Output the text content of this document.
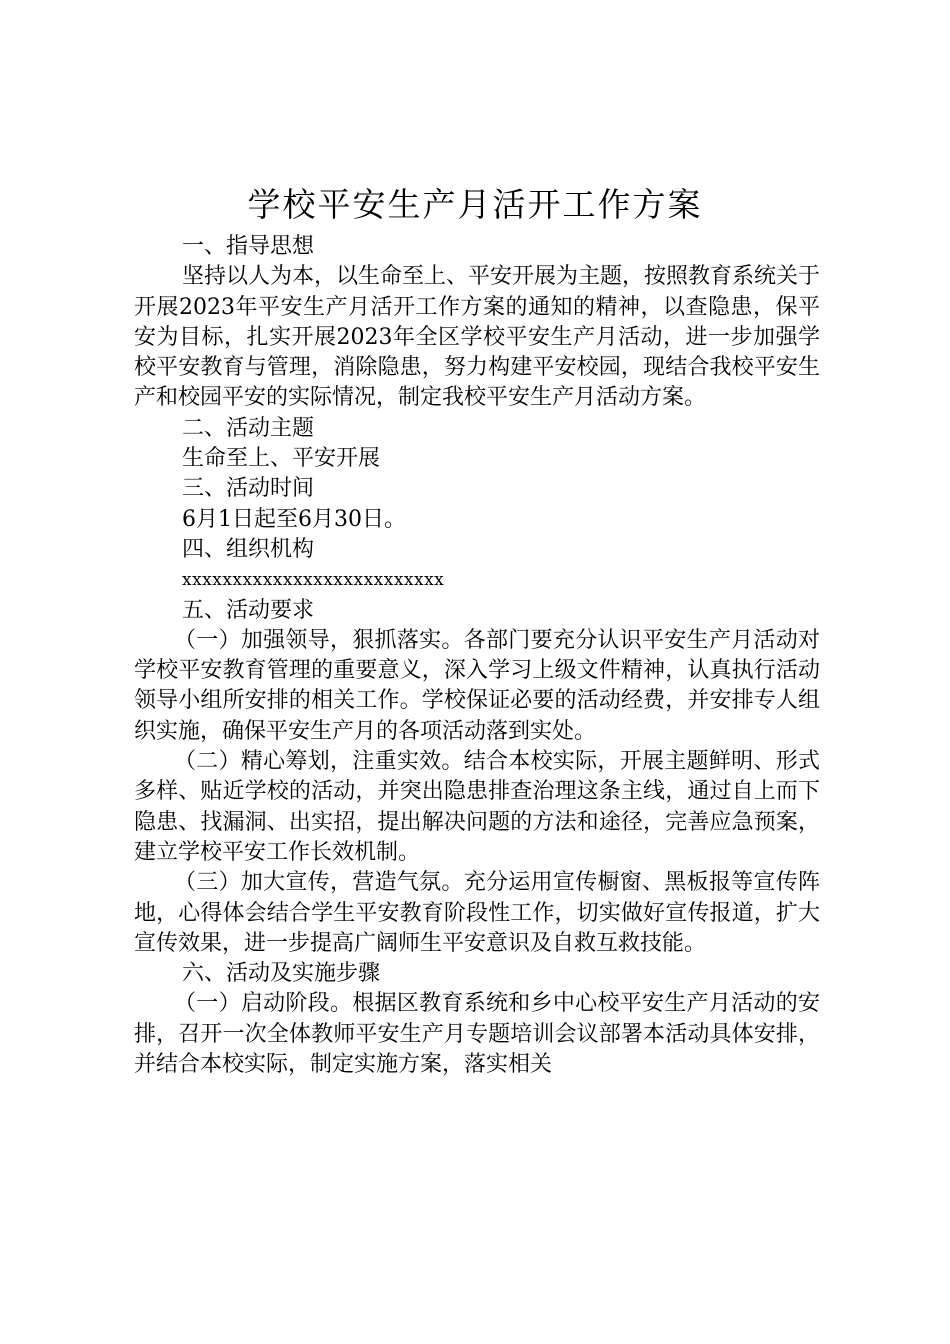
学校平安生产月活开工作方案

一、指导思想

坚持以人为本，以生命至上、平安开展为主题，按照教育系统关于开展2023年平安生产月活开工作方案的通知的精神，以查隐患，保平安为目标，扎实开展2023年全区学校平安生产月活动，进一步加强学校平安教育与管理，消除隐患，努力构建平安校园，现结合我校平安生产和校园平安的实际情况，制定我校平安生产月活动方案。

二、活动主题

生命至上、平安开展

三、活动时间

6月1日起至6月30日。

四、组织机构

xxxxxxxxxxxxxxxxxxxxxxxxxx

五、活动要求

（一）加强领导，狠抓落实。各部门要充分认识平安生产月活动对学校平安教育管理的重要意义，深入学习上级文件精神，认真执行活动领导小组所安排的相关工作。学校保证必要的活动经费，并安排专人组织实施，确保平安生产月的各项活动落到实处。

（二）精心筹划，注重实效。结合本校实际，开展主题鲜明、形式多样、贴近学校的活动，并突出隐患排查治理这条主线，通过自上而下隐患、找漏洞、出实招，提出解决问题的方法和途径，完善应急预案，建立学校平安工作长效机制。

（三）加大宣传，营造气氛。充分运用宣传橱窗、黑板报等宣传阵地，心得体会结合学生平安教育阶段性工作，切实做好宣传报道，扩大宣传效果，进一步提高广阔师生平安意识及自救互救技能。

六、活动及实施步骤

（一）启动阶段。根据区教育系统和乡中心校平安生产月活动的安排，召开一次全体教师平安生产月专题培训会议部署本活动具体安排，并结合本校实际，制定实施方案，落实相关
